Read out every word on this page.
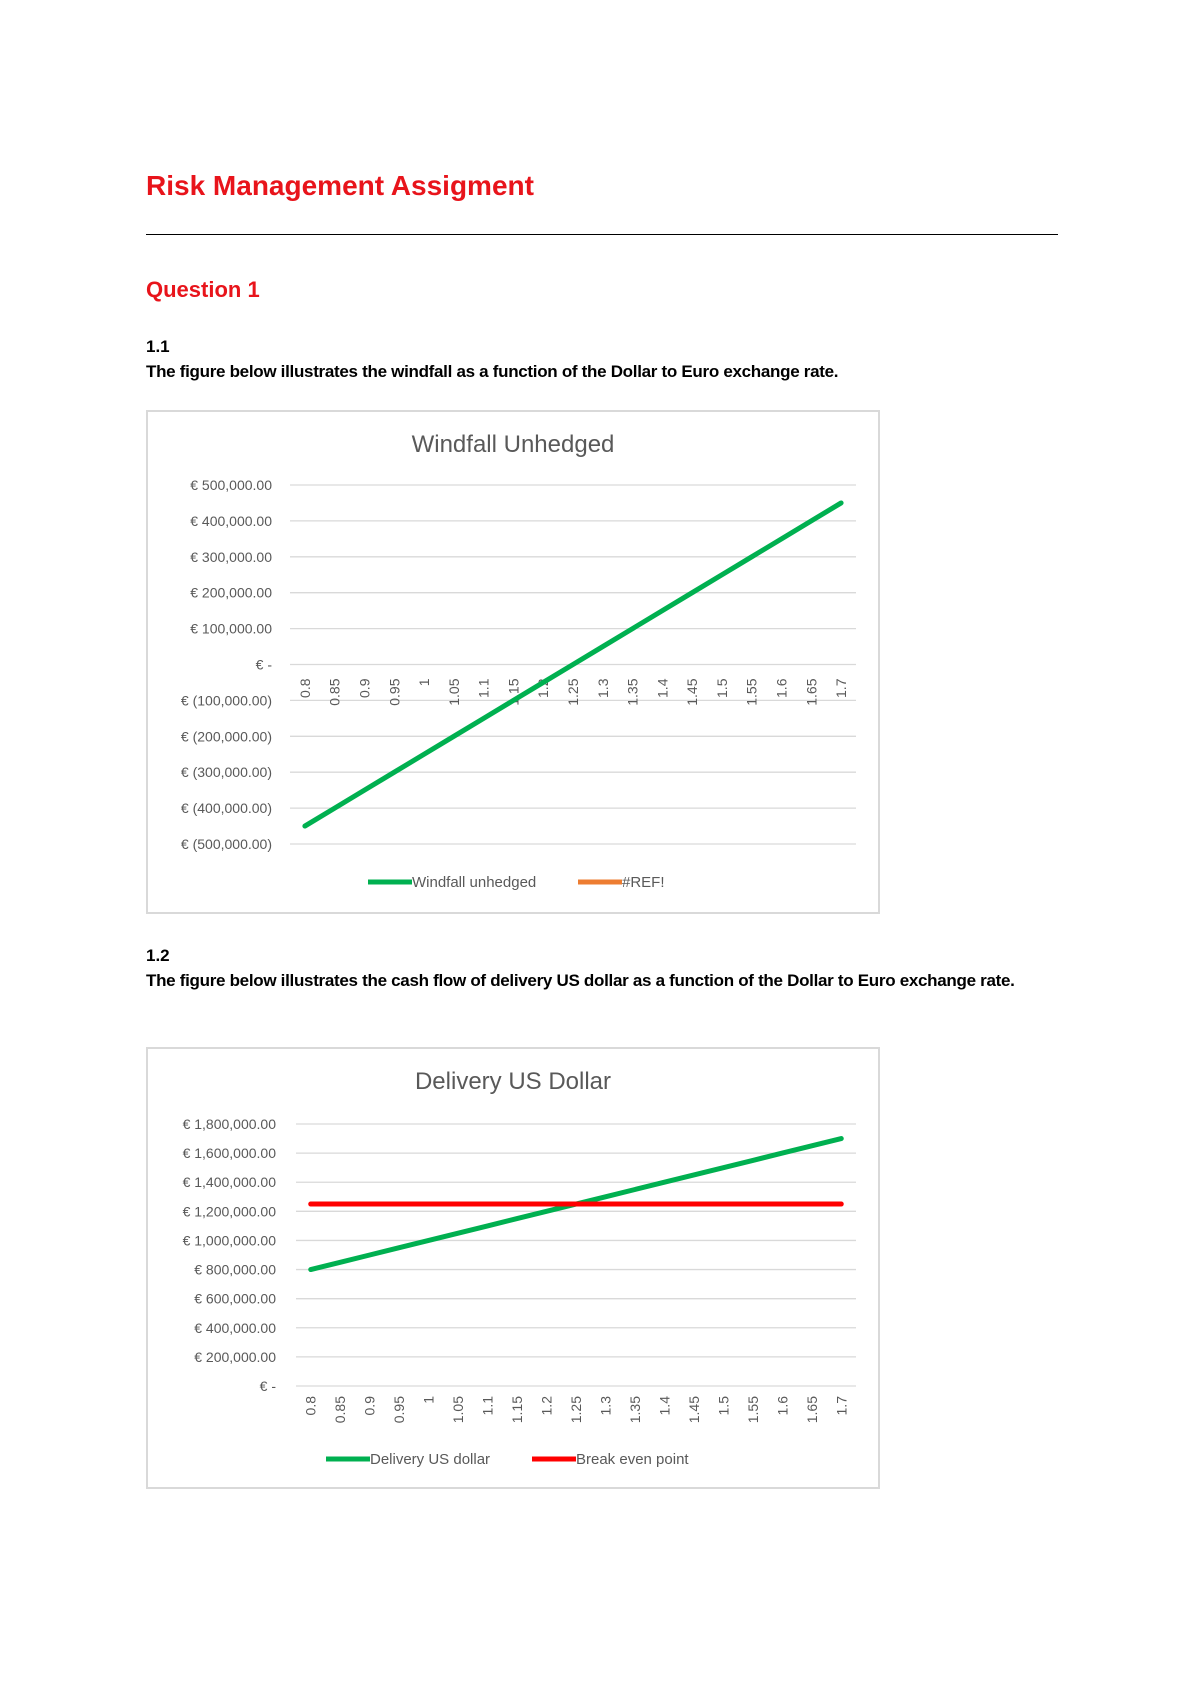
Risk Management Assigment
Question 1
1.1
The figure below illustrates the windfall as a function of the Dollar to Euro exchange rate.
Windfall Unhedged
€ 500,000.00
€ 400,000.00
€ 300,000.00
€ 200,000.00
€ 100,000.00
€ -
€ (100,000.00)
€ (200,000.00)
€ (300,000.00)
€ (400,000.00)
€ (500,000.00)
0.8 0.85 0.9 0.95 1 1.05 1.1 1.15 1.2 1.25 1.3 1.35 1.4 1.45 1.5 1.55 1.6 1.65 1.7
Windfall unhedged	#REF!
1.2
The figure below illustrates the cash flow of delivery US dollar as a function of the Dollar to Euro exchange rate.
Delivery US Dollar
€ 1,800,000.00
€ 1,600,000.00
€ 1,400,000.00
€ 1,200,000.00
€ 1,000,000.00
€ 800,000.00
€ 600,000.00
€ 400,000.00
€ 200,000.00
€ -
0.8 0.85 0.9 0.95 1 1.05 1.1 1.15 1.2 1.25 1.3 1.35 1.4 1.45 1.5 1.55 1.6 1.65 1.7
Delivery US dollar	Break even point
